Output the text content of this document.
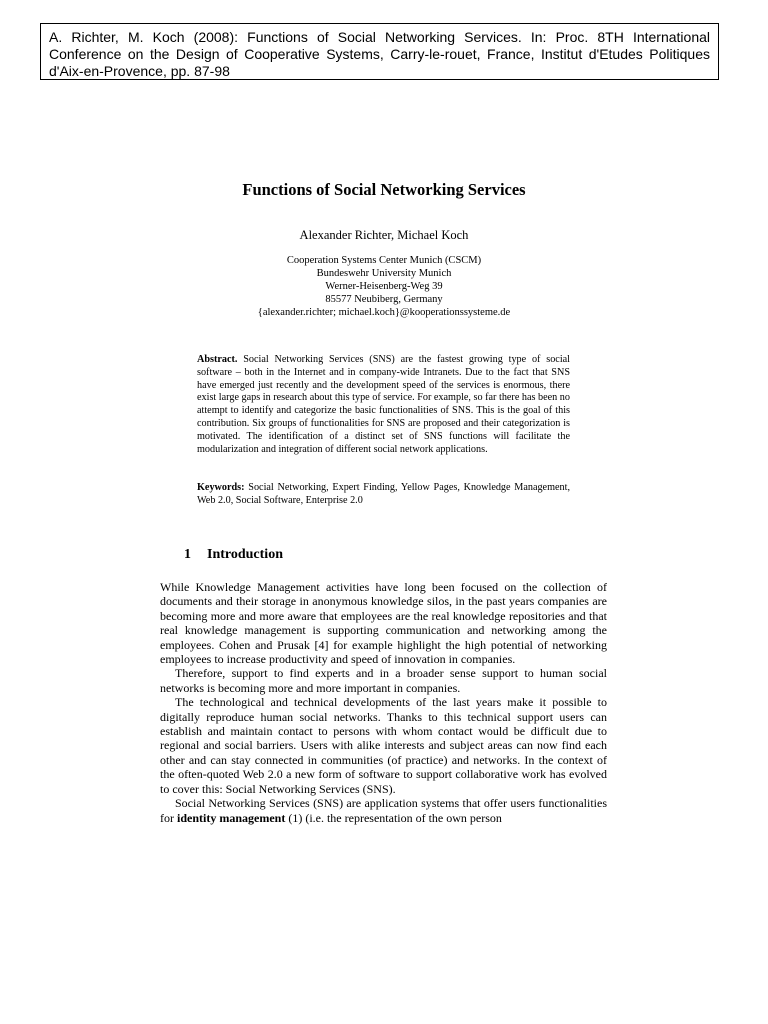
A. Richter, M. Koch (2008): Functions of Social Networking Services. In: Proc. 8TH International Conference on the Design of Cooperative Systems, Carry-le-rouet, France, Institut d'Etudes Politiques d'Aix-en-Provence, pp. 87-98
Functions of Social Networking Services
Alexander Richter, Michael Koch
Cooperation Systems Center Munich (CSCM)
Bundeswehr University Munich
Werner-Heisenberg-Weg 39
85577 Neubiberg, Germany
{alexander.richter; michael.koch}@kooperationssysteme.de
Abstract. Social Networking Services (SNS) are the fastest growing type of social software – both in the Internet and in company-wide Intranets. Due to the fact that SNS have emerged just recently and the development speed of the services is enormous, there exist large gaps in research about this type of service. For example, so far there has been no attempt to identify and categorize the basic functionalities of SNS. This is the goal of this contribution. Six groups of functionalities for SNS are proposed and their categorization is motivated. The identification of a distinct set of SNS functions will facilitate the modularization and integration of different social network applications.
Keywords: Social Networking, Expert Finding, Yellow Pages, Knowledge Management, Web 2.0, Social Software, Enterprise 2.0
1 Introduction

While Knowledge Management activities have long been focused on the collection of documents and their storage in anonymous knowledge silos, in the past years companies are becoming more and more aware that employees are the real knowledge repositories and that real knowledge management is supporting communication and networking among the employees. Cohen and Prusak [4] for example highlight the high potential of networking employees to increase productivity and speed of innovation in companies.

Therefore, support to find experts and in a broader sense support to human social networks is becoming more and more important in companies.

The technological and technical developments of the last years make it possible to digitally reproduce human social networks. Thanks to this technical support users can establish and maintain contact to persons with whom contact would be difficult due to regional and social barriers. Users with alike interests and subject areas can now find each other and can stay connected in communities (of practice) and networks. In the context of the often-quoted Web 2.0 a new form of software to support collaborative work has evolved to cover this: Social Networking Services (SNS).

Social Networking Services (SNS) are application systems that offer users functionalities for identity management (1) (i.e. the representation of the own person
